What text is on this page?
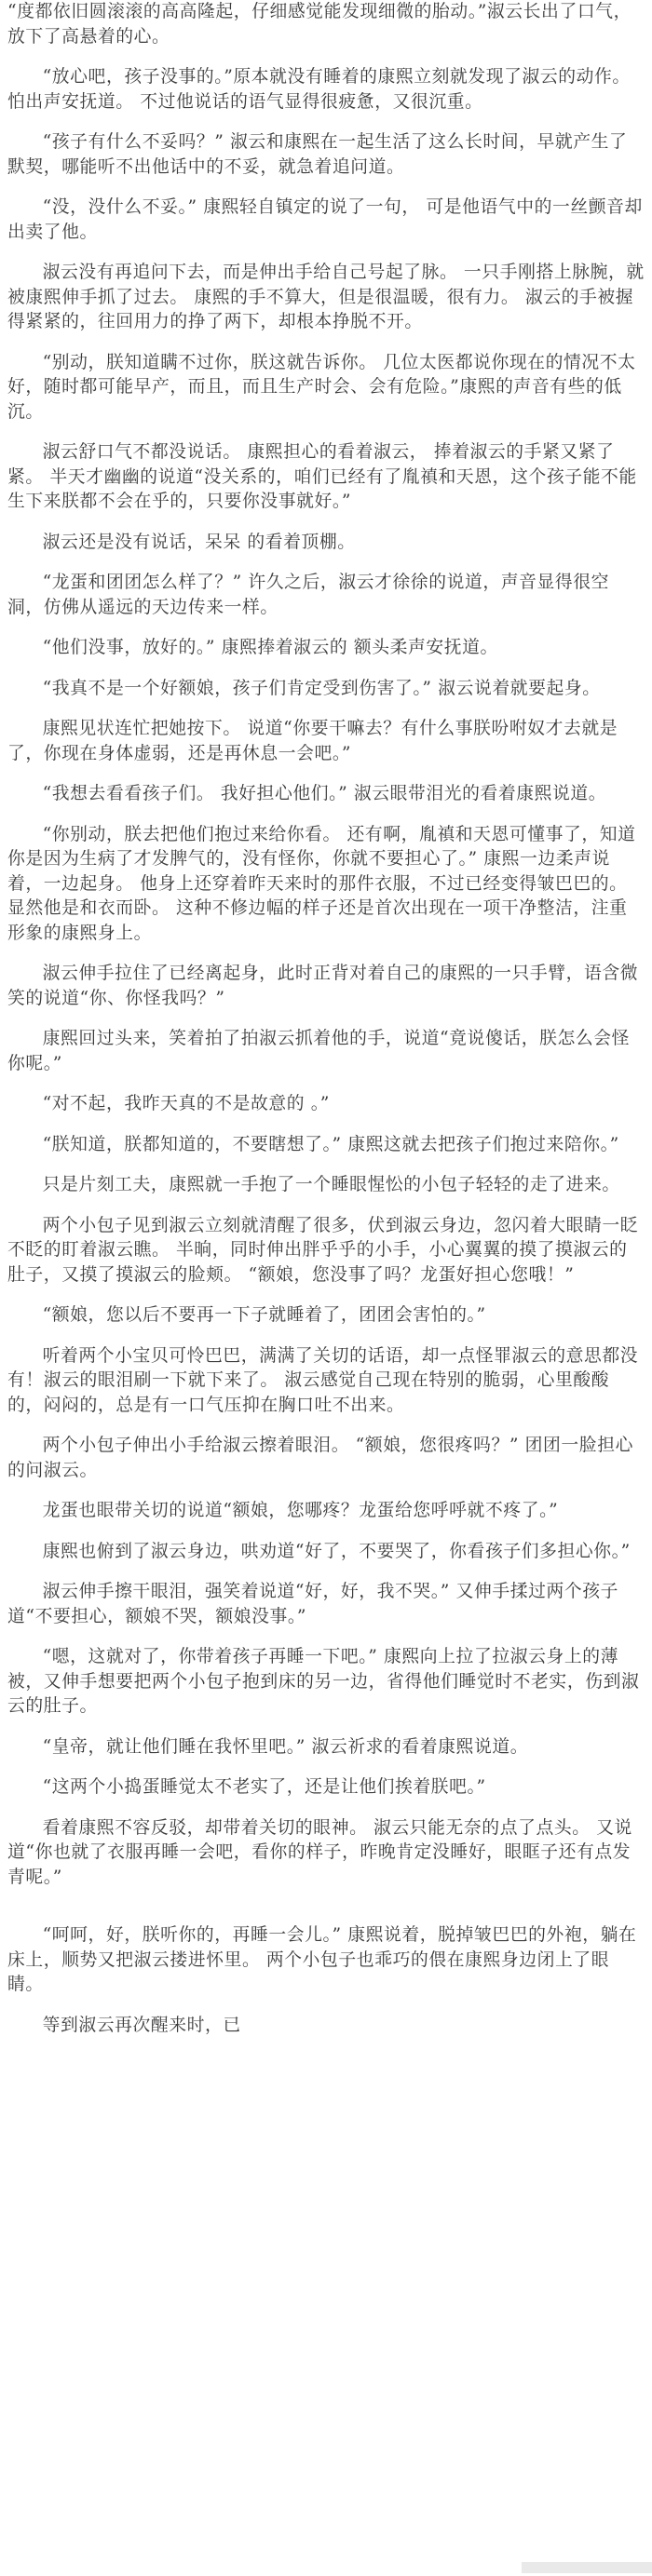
“度都依旧圆滚滚的高高隆起，仔细感觉能发现细微的胎动。”淑云长出了口气，放下了高悬着的心。

“放心吧，孩子没事的。”原本就没有睡着的康熙立刻就发现了淑云的动作。 怕出声安抚道。 不过他说话的语气显得很疲惫，又很沉重。

“孩子有什么不妥吗？” 淑云和康熙在一起生活了这么长时间，早就产生了默契，哪能听不出他话中的不妥，就急着追问道。

“没，没什么不妥。” 康熙轻自镇定的说了一句， 可是他语气中的一丝颤音却出卖了他。

淑云没有再追问下去，而是伸出手给自己号起了脉。 一只手刚搭上脉腕，就被康熙伸手抓了过去。 康熙的手不算大，但是很温暖，很有力。 淑云的手被握得紧紧的，往回用力的挣了两下，却根本挣脱不开。

“别动，朕知道瞒不过你，朕这就告诉你。 几位太医都说你现在的情况不太好，随时都可能早产，而且，而且生产时会、会有危险。”康熙的声音有些的低沉。

淑云舒口气不都没说话。 康熙担心的看着淑云， 捧着淑云的手紧又紧了紧。 半天才幽幽的说道“没关系的，咱们已经有了胤禛和天恩，这个孩子能不能生下来朕都不会在乎的，只要你没事就好。”

淑云还是没有说话，呆呆 的看着顶棚。

“龙蛋和团团怎么样了？” 许久之后，淑云才徐徐的说道，声音显得很空洞，仿佛从遥远的天边传来一样。

“他们没事，放好的。” 康熙捧着淑云的 额头柔声安抚道。

“我真不是一个好额娘，孩子们肯定受到伤害了。” 淑云说着就要起身。

康熙见状连忙把她按下。 说道“你要干嘛去？有什么事朕吩咐奴才去就是了，你现在身体虚弱，还是再休息一会吧。”

“我想去看看孩子们。 我好担心他们。” 淑云眼带泪光的看着康熙说道。

“你别动，朕去把他们抱过来给你看。 还有啊，胤禛和天恩可懂事了，知道你是因为生病了才发脾气的，没有怪你，你就不要担心了。” 康熙一边柔声说着，一边起身。 他身上还穿着昨天来时的那件衣服，不过已经变得皱巴巴的。 显然他是和衣而卧。 这种不修边幅的样子还是首次出现在一项干净整洁，注重形象的康熙身上。

淑云伸手拉住了已经离起身，此时正背对着自己的康熙的一只手臂，语含微笑的说道“你、你怪我吗？”

康熙回过头来，笑着拍了拍淑云抓着他的手，说道“竟说傻话，朕怎么会怪你呢。”

“对不起，我昨天真的不是故意的 。”

“朕知道，朕都知道的，不要瞎想了。” 康熙这就去把孩子们抱过来陪你。”

只是片刻工夫，康熙就一手抱了一个睡眼惺忪的小包子轻轻的走了进来。

两个小包子见到淑云立刻就清醒了很多，伏到淑云身边，忽闪着大眼睛一眨不眨的盯着淑云瞧。 半晌，同时伸出胖乎乎的小手，小心翼翼的摸了摸淑云的肚子，又摸了摸淑云的脸颊。 “额娘，您没事了吗？龙蛋好担心您哦！”

“额娘，您以后不要再一下子就睡着了，团团会害怕的。”

听着两个小宝贝可怜巴巴，满满了关切的话语，却一点怪罪淑云的意思都没有！淑云的眼泪刷一下就下来了。 淑云感觉自己现在特别的脆弱，心里酸酸的，闷闷的，总是有一口气压抑在胸口吐不出来。

两个小包子伸出小手给淑云擦着眼泪。 “额娘，您很疼吗？” 团团一脸担心的问淑云。

龙蛋也眼带关切的说道“额娘，您哪疼？龙蛋给您呼呼就不疼了。”

康熙也俯到了淑云身边，哄劝道“好了，不要哭了，你看孩子们多担心你。”

淑云伸手擦干眼泪，强笑着说道“好，好，我不哭。” 又伸手揉过两个孩子道“不要担心，额娘不哭，额娘没事。”

“嗯，这就对了，你带着孩子再睡一下吧。” 康熙向上拉了拉淑云身上的薄被，又伸手想要把两个小包子抱到床的另一边，省得他们睡觉时不老实，伤到淑云的肚子。

“皇帝，就让他们睡在我怀里吧。” 淑云祈求的看着康熙说道。

“这两个小捣蛋睡觉太不老实了，还是让他们挨着朕吧。”

看着康熙不容反驳，却带着关切的眼神。 淑云只能无奈的点了点头。 又说道“你也就了衣服再睡一会吧，看你的样子，昨晚肯定没睡好，眼眶子还有点发青呢。”

“呵呵，好，朕听你的，再睡一会儿。” 康熙说着，脱掉皱巴巴的外袍，躺在床上，顺势又把淑云搂进怀里。 两个小包子也乖巧的偎在康熙身边闭上了眼睛。

等到淑云再次醒来时，已
